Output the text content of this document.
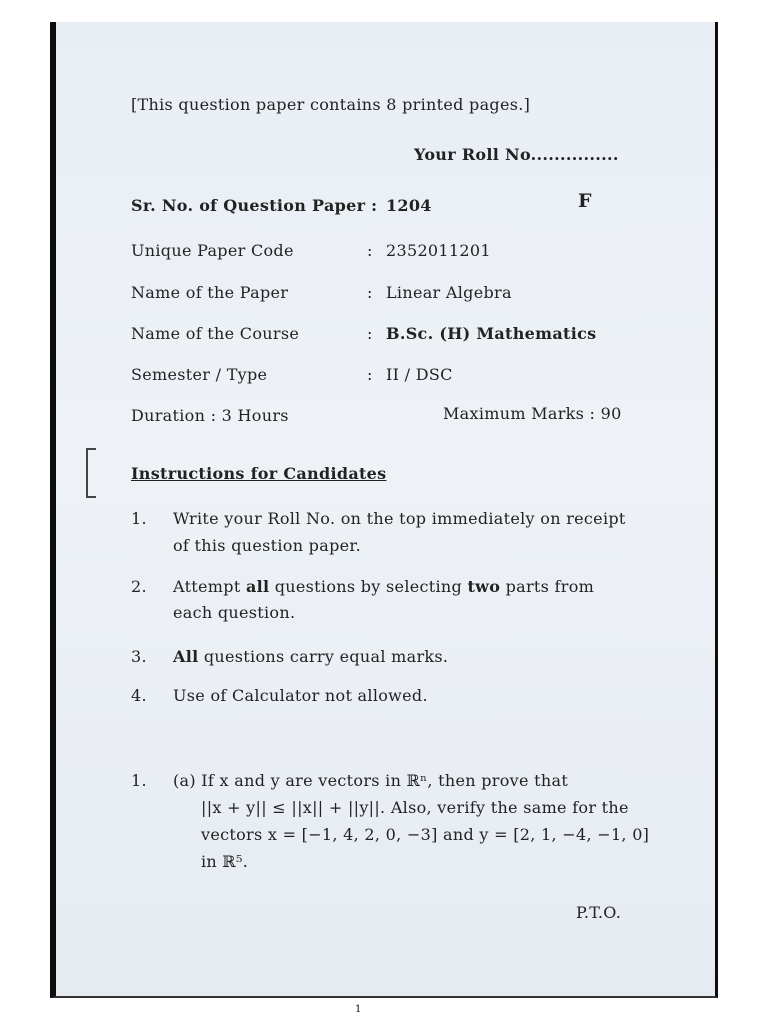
[This question paper contains 8 printed pages.]
Your Roll No...............
Sr. No. of Question Paper : 1204	F
Unique Paper Code	: 2352011201
Name of the Paper	: Linear Algebra
Name of the Course	: B.Sc. (H) Mathematics
Semester / Type	: II / DSC
Duration : 3 Hours	Maximum Marks : 90
Instructions for Candidates
1. Write your Roll No. on the top immediately on receipt
of this question paper.
2. Attempt all questions by selecting two parts from
each question.
3. All questions carry equal marks.
4. Use of Calculator not allowed.
1. (a) If x and y are vectors in ℝⁿ, then prove that
||x + y|| ≤ ||x|| + ||y||. Also, verify the same for the
vectors x = [−1, 4, 2, 0, −3] and y = [2, 1, −4, −1, 0]
in ℝ⁵.
P.T.O.
1
